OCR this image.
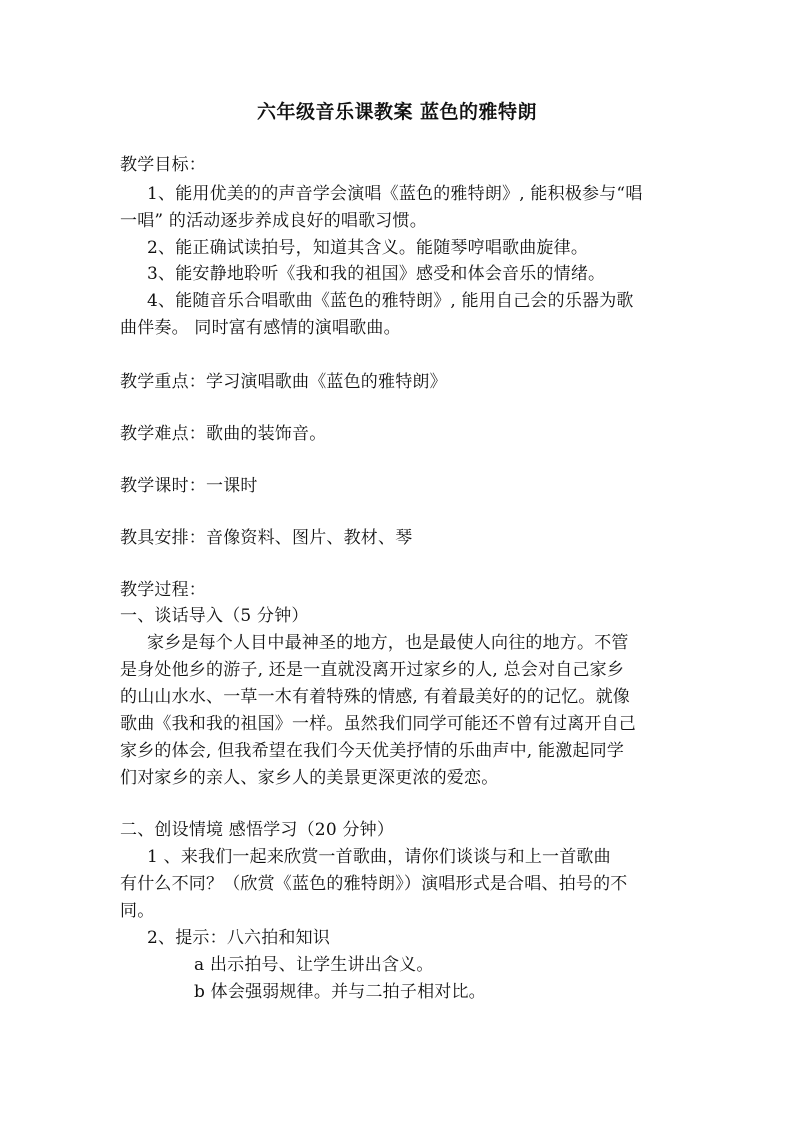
六年级音乐课教案 蓝色的雅特朗
教学目标：
1、能用优美的的声音学会演唱《蓝色的雅特朗》, 能积极参与“唱
一唱” 的活动逐步养成良好的唱歌习惯。
2、能正确试读拍号，知道其含义。能随琴哼唱歌曲旋律。
3、能安静地聆听《我和我的祖国》感受和体会音乐的情绪。
4、能随音乐合唱歌曲《蓝色的雅特朗》, 能用自己会的乐器为歌
曲伴奏。 同时富有感情的演唱歌曲。
教学重点：学习演唱歌曲《蓝色的雅特朗》
教学难点：歌曲的装饰音。
教学课时：一课时
教具安排：音像资料、图片、教材、琴
教学过程：
一、谈话导入（5 分钟）
家乡是每个人目中最神圣的地方，也是最使人向往的地方。不管
是身处他乡的游子, 还是一直就没离开过家乡的人, 总会对自己家乡
的山山水水、一草一木有着特殊的情感, 有着最美好的的记忆。就像
歌曲《我和我的祖国》一样。虽然我们同学可能还不曾有过离开自己
家乡的体会, 但我希望在我们今天优美抒情的乐曲声中, 能激起同学
们对家乡的亲人、家乡人的美景更深更浓的爱恋。
二、创设情境 感悟学习（20 分钟）
1 、来我们一起来欣赏一首歌曲，请你们谈谈与和上一首歌曲
有什么不同？（欣赏《蓝色的雅特朗》）演唱形式是合唱、拍号的不
同。
2、提示：八六拍和知识
a 出示拍号、让学生讲出含义。
b 体会强弱规律。并与二拍子相对比。
